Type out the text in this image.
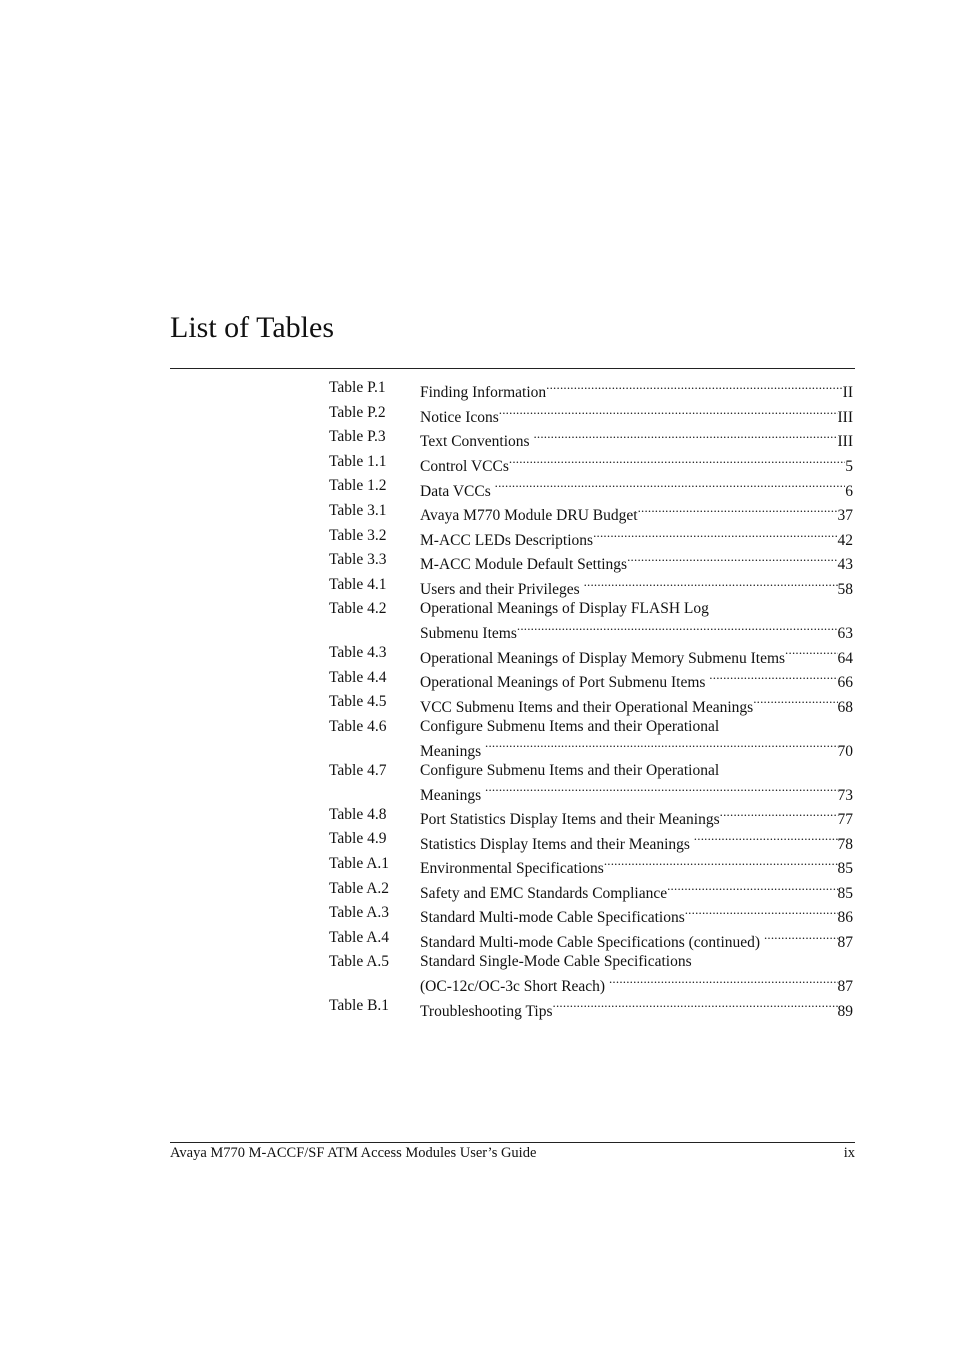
List of Tables
Table P.1	Finding Information .....	II
Table P.2	Notice Icons .....	III
Table P.3	Text Conventions .....	III
Table 1.1	Control VCCs .....	5
Table 1.2	Data VCCs .....	6
Table 3.1	Avaya M770 Module DRU Budget .....	37
Table 3.2	M-ACC LEDs Descriptions .....	42
Table 3.3	M-ACC Module Default Settings .....	43
Table 4.1	Users and their Privileges .....	58
Table 4.2	Operational Meanings of Display FLASH Log
Submenu Items .....	63
Table 4.3	Operational Meanings of Display Memory Submenu Items .....	64
Table 4.4	Operational Meanings of Port Submenu Items .....	66
Table 4.5	VCC Submenu Items and their Operational Meanings .....	68
Table 4.6	Configure Submenu Items and their Operational
Meanings .....	70
Table 4.7	Configure Submenu Items and their Operational
Meanings .....	73
Table 4.8	Port Statistics Display Items and their Meanings .....	77
Table 4.9	Statistics Display Items and their Meanings .....	78
Table A.1	Environmental Specifications .....	85
Table A.2	Safety and EMC Standards Compliance .....	85
Table A.3	Standard Multi-mode Cable Specifications .....	86
Table A.4	Standard Multi-mode Cable Specifications (continued) .....	87
Table A.5	Standard Single-Mode Cable Specifications
(OC-12c/OC-3c Short Reach) .....	87
Table B.1	Troubleshooting Tips .....	89
Avaya M770 M-ACCF/SF ATM Access Modules User’s Guide	ix
